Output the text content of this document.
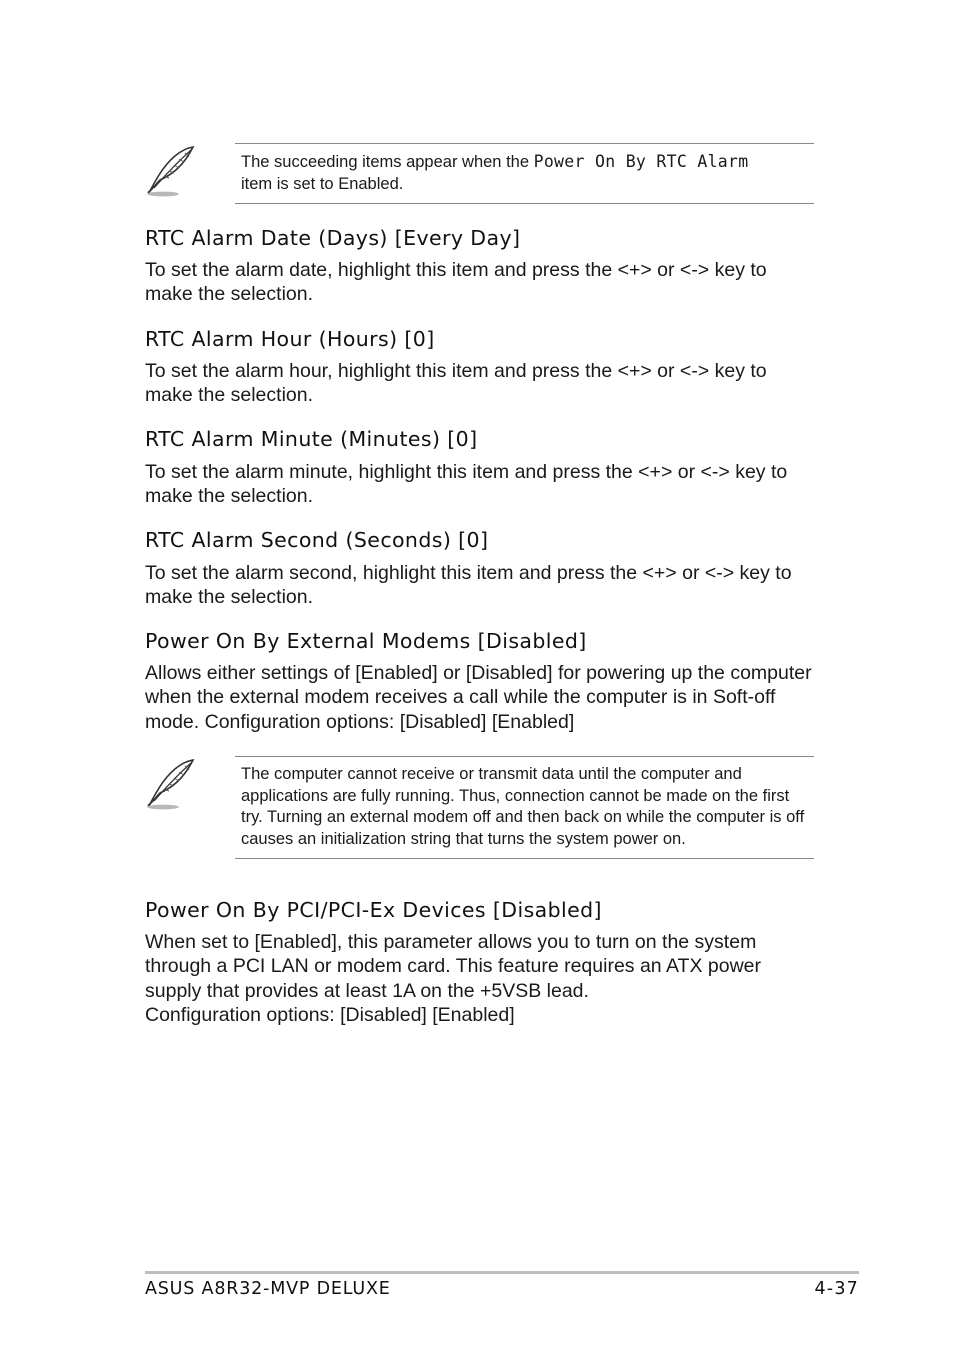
The succeeding items appear when the Power On By RTC Alarm
item is set to Enabled.
RTC Alarm Date (Days) [Every Day]

To set the alarm date, highlight this item and press the <+> or <-> key to make the selection.

RTC Alarm Hour (Hours) [0]

To set the alarm hour, highlight this item and press the <+> or <-> key to make the selection.

RTC Alarm Minute (Minutes) [0]

To set the alarm minute, highlight this item and press the <+> or <-> key to make the selection.

RTC Alarm Second (Seconds) [0]

To set the alarm second, highlight this item and press the <+> or <-> key to make the selection.

Power On By External Modems [Disabled]

Allows either settings of [Enabled] or [Disabled] for powering up the computer when the external modem receives a call while the computer is in Soft-off mode. Configuration options: [Disabled] [Enabled]

The computer cannot receive or transmit data until the computer and applications are fully running. Thus, connection cannot be made on the first try. Turning an external modem off and then back on while the computer is off causes an initialization string that turns the system power on.
Power On By PCI/PCI-Ex Devices [Disabled]

When set to [Enabled], this parameter allows you to turn on the system through a PCI LAN or modem card. This feature requires an ATX power supply that provides at least 1A on the +5VSB lead.

Configuration options: [Disabled] [Enabled]

ASUS A8R32-MVP DELUXE	4-37
